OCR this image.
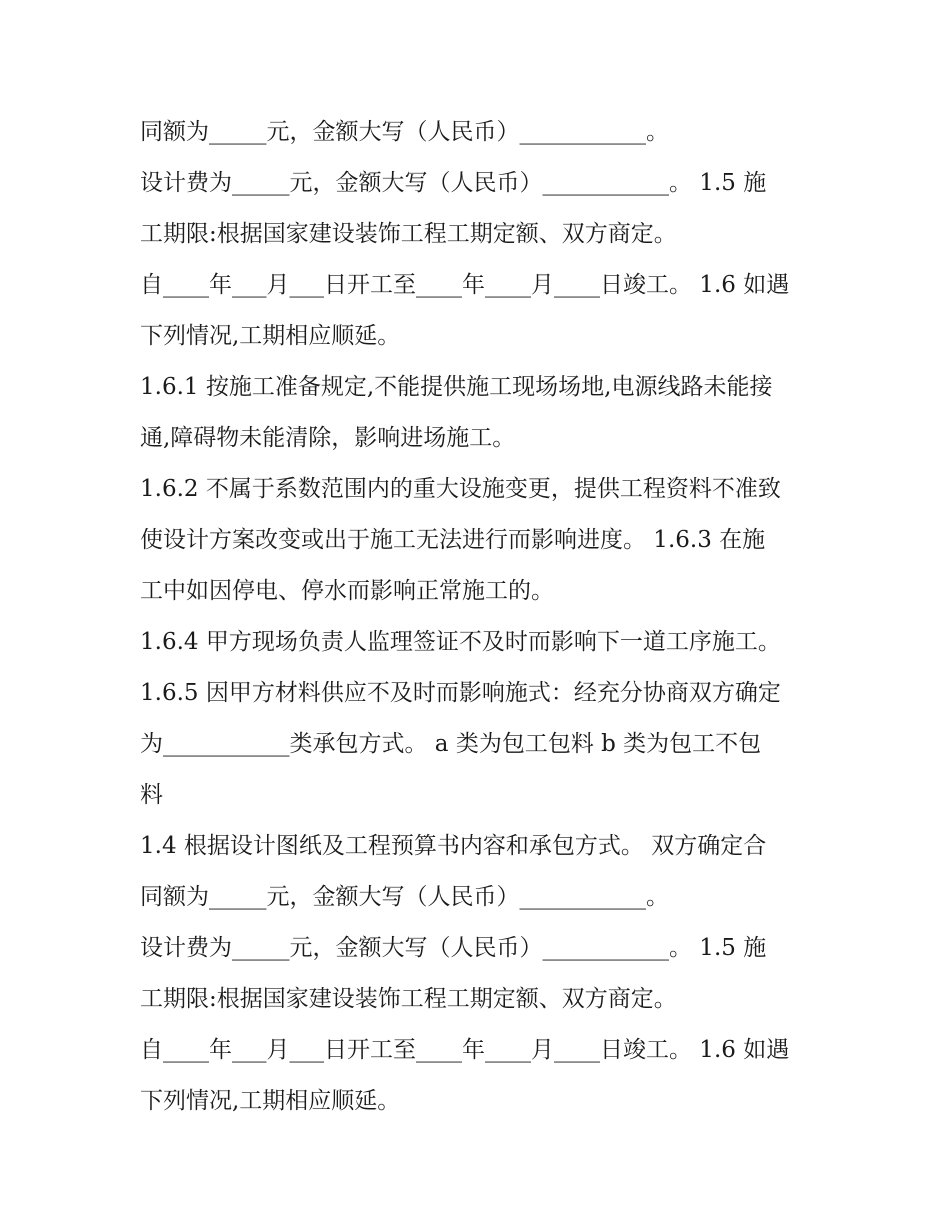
同额为_____元，金额大写（人民币）___________。
设计费为_____元，金额大写（人民币）___________。 1.5 施
工期限:根据国家建设装饰工程工期定额、双方商定。
自____年___月___日开工至____年____月____日竣工。 1.6 如遇
下列情况,工期相应顺延。
1.6.1 按施工准备规定,不能提供施工现场场地,电源线路未能接
通,障碍物未能清除，影响进场施工。
1.6.2 不属于系数范围内的重大设施变更，提供工程资料不准致
使设计方案改变或出于施工无法进行而影响进度。 1.6.3 在施
工中如因停电、停水而影响正常施工的。
1.6.4 甲方现场负责人监理签证不及时而影响下一道工序施工。
1.6.5 因甲方材料供应不及时而影响施式：经充分协商双方确定
为___________类承包方式。 a 类为包工包料 b 类为包工不包
料
1.4 根据设计图纸及工程预算书内容和承包方式。 双方确定合
同额为_____元，金额大写（人民币）___________。
设计费为_____元，金额大写（人民币）___________。 1.5 施
工期限:根据国家建设装饰工程工期定额、双方商定。
自____年___月___日开工至____年____月____日竣工。 1.6 如遇
下列情况,工期相应顺延。
